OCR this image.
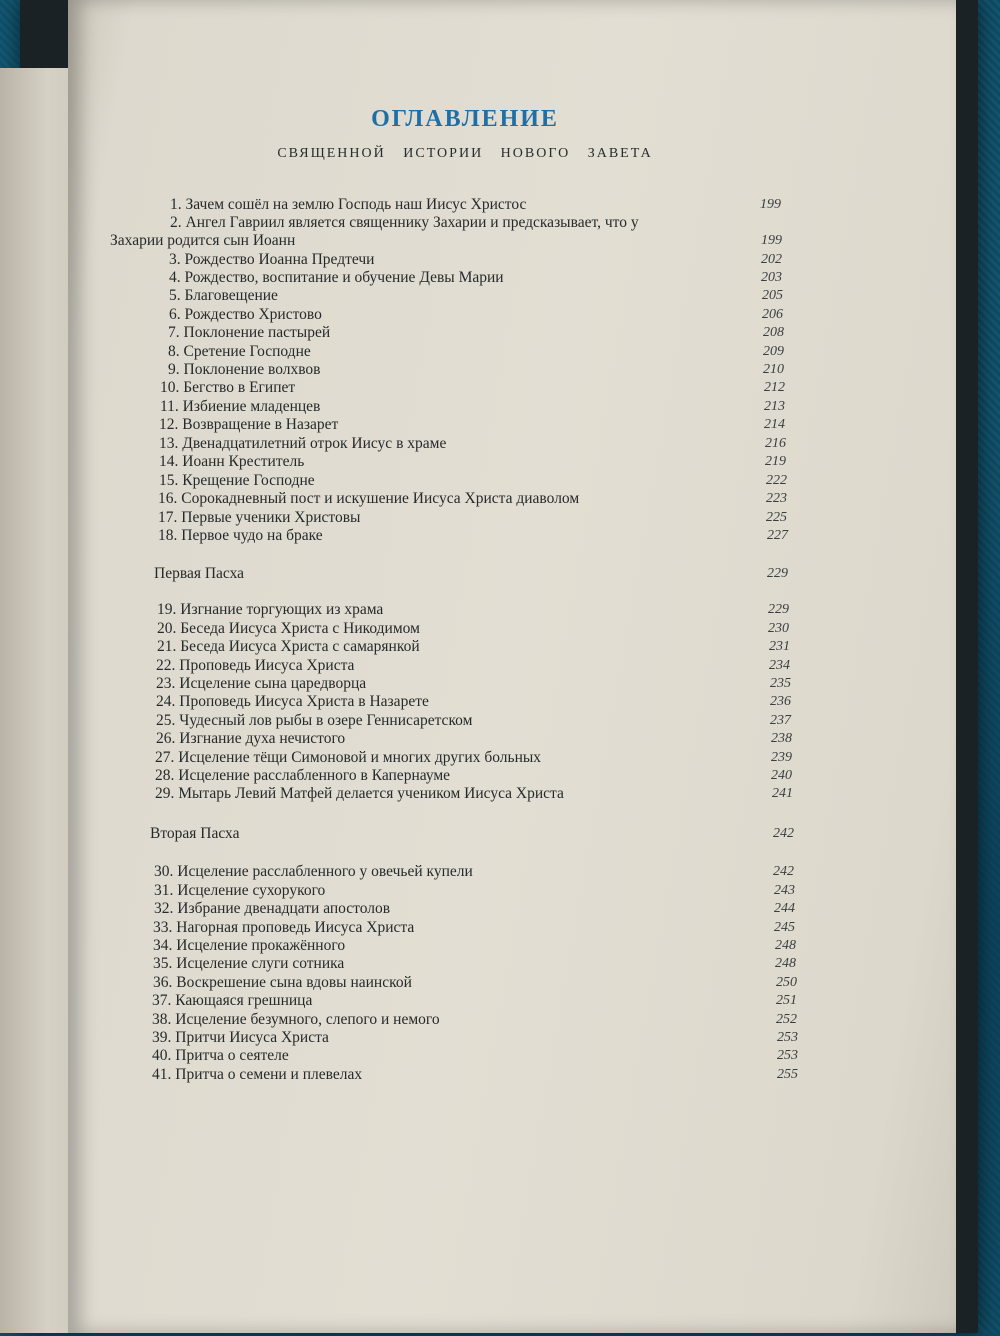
ОГЛАВЛЕНИЕ
СВЯЩЕННОЙ ИСТОРИИ НОВОГО ЗАВЕТА
1. Зачем сошёл на землю Господь наш Иисус Христос	199
2. Ангел Гавриил является священнику Захарии и предсказывает, что у
Захарии родится сын Иоанн	199
3. Рождество Иоанна Предтечи	202
4. Рождество, воспитание и обучение Девы Марии	203
5. Благовещение	205
6. Рождество Христово	206
7. Поклонение пастырей	208
8. Сретение Господне	209
9. Поклонение волхвов	210
10. Бегство в Египет	212
11. Избиение младенцев	213
12. Возвращение в Назарет	214
13. Двенадцатилетний отрок Иисус в храме	216
14. Иоанн Креститель	219
15. Крещение Господне	222
16. Сорокадневный пост и искушение Иисуса Христа диаволом	223
17. Первые ученики Христовы	225
18. Первое чудо на браке	227
Первая Пасха	229
19. Изгнание торгующих из храма	229
20. Беседа Иисуса Христа с Никодимом	230
21. Беседа Иисуса Христа с самарянкой	231
22. Проповедь Иисуса Христа	234
23. Исцеление сына царедворца	235
24. Проповедь Иисуса Христа в Назарете	236
25. Чудесный лов рыбы в озере Геннисаретском	237
26. Изгнание духа нечистого	238
27. Исцеление тёщи Симоновой и многих других больных	239
28. Исцеление расслабленного в Капернауме	240
29. Мытарь Левий Матфей делается учеником Иисуса Христа	241
Вторая Пасха	242
30. Исцеление расслабленного у овечьей купели	242
31. Исцеление сухорукого	243
32. Избрание двенадцати апостолов	244
33. Нагорная проповедь Иисуса Христа	245
34. Исцеление прокажённого	248
35. Исцеление слуги сотника	248
36. Воскрешение сына вдовы наинской	250
37. Кающаяся грешница	251
38. Исцеление безумного, слепого и немого	252
39. Притчи Иисуса Христа	253
40. Притча о сеятеле	253
41. Притча о семени и плевелах	255
